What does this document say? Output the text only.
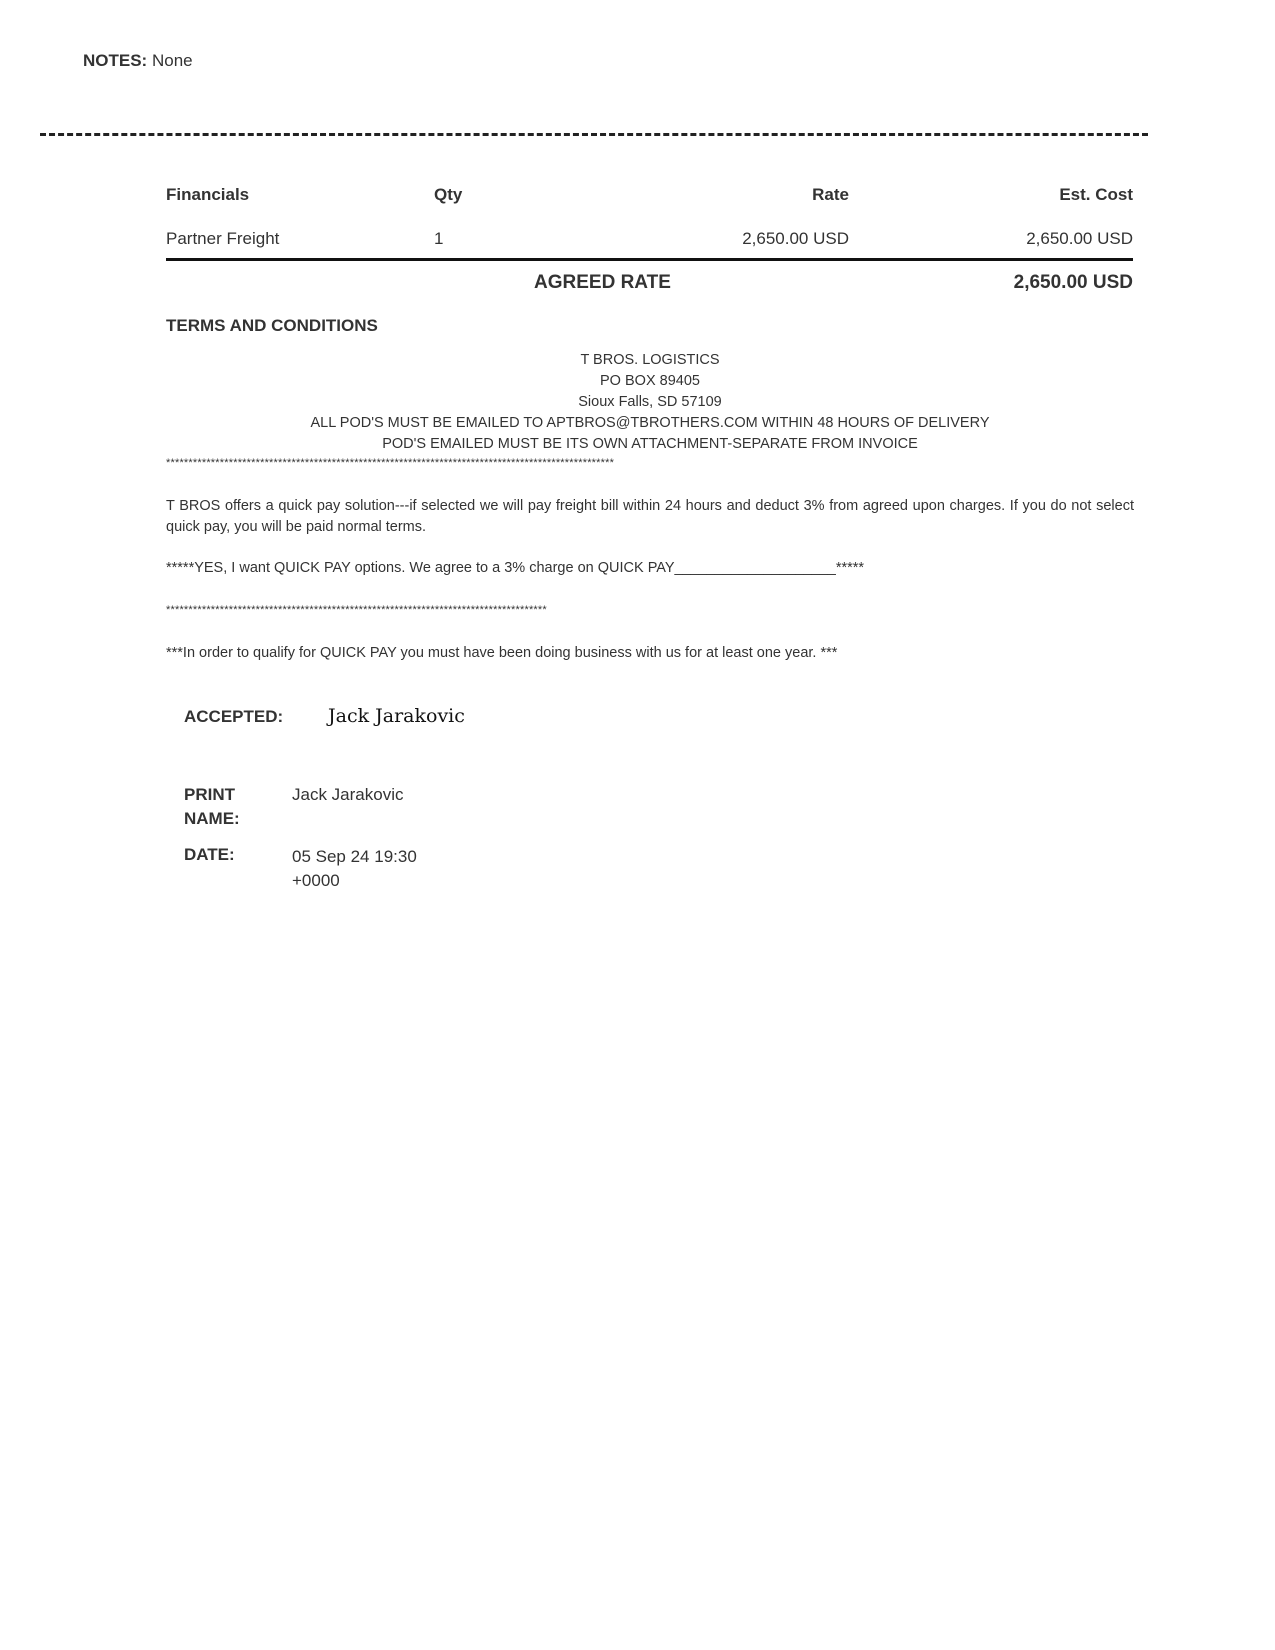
NOTES: None
Financials	Qty	Rate	Est. Cost
Partner Freight	1	2,650.00 USD	2,650.00 USD
AGREED RATE	2,650.00 USD
TERMS AND CONDITIONS
T BROS. LOGISTICS
PO BOX 89405
Sioux Falls, SD 57109
ALL POD'S MUST BE EMAILED TO APTBROS@TBROTHERS.COM WITHIN 48 HOURS OF DELIVERY
POD'S EMAILED MUST BE ITS OWN ATTACHMENT-SEPARATE FROM INVOICE
****************************************************************************************************
T BROS offers a quick pay solution---if selected we will pay freight bill within 24 hours and deduct 3% from agreed upon charges. If you do not select quick pay, you will be paid normal terms.
*****YES, I want QUICK PAY options. We agree to a 3% charge on QUICK PAY____________________*****
*************************************************************************************
***In order to qualify for QUICK PAY you must have been doing business with us for at least one year. ***
ACCEPTED: Jack Jarakovic
PRINT
NAME:
Jack Jarakovic
DATE:	05 Sep 24 19:30
+0000
